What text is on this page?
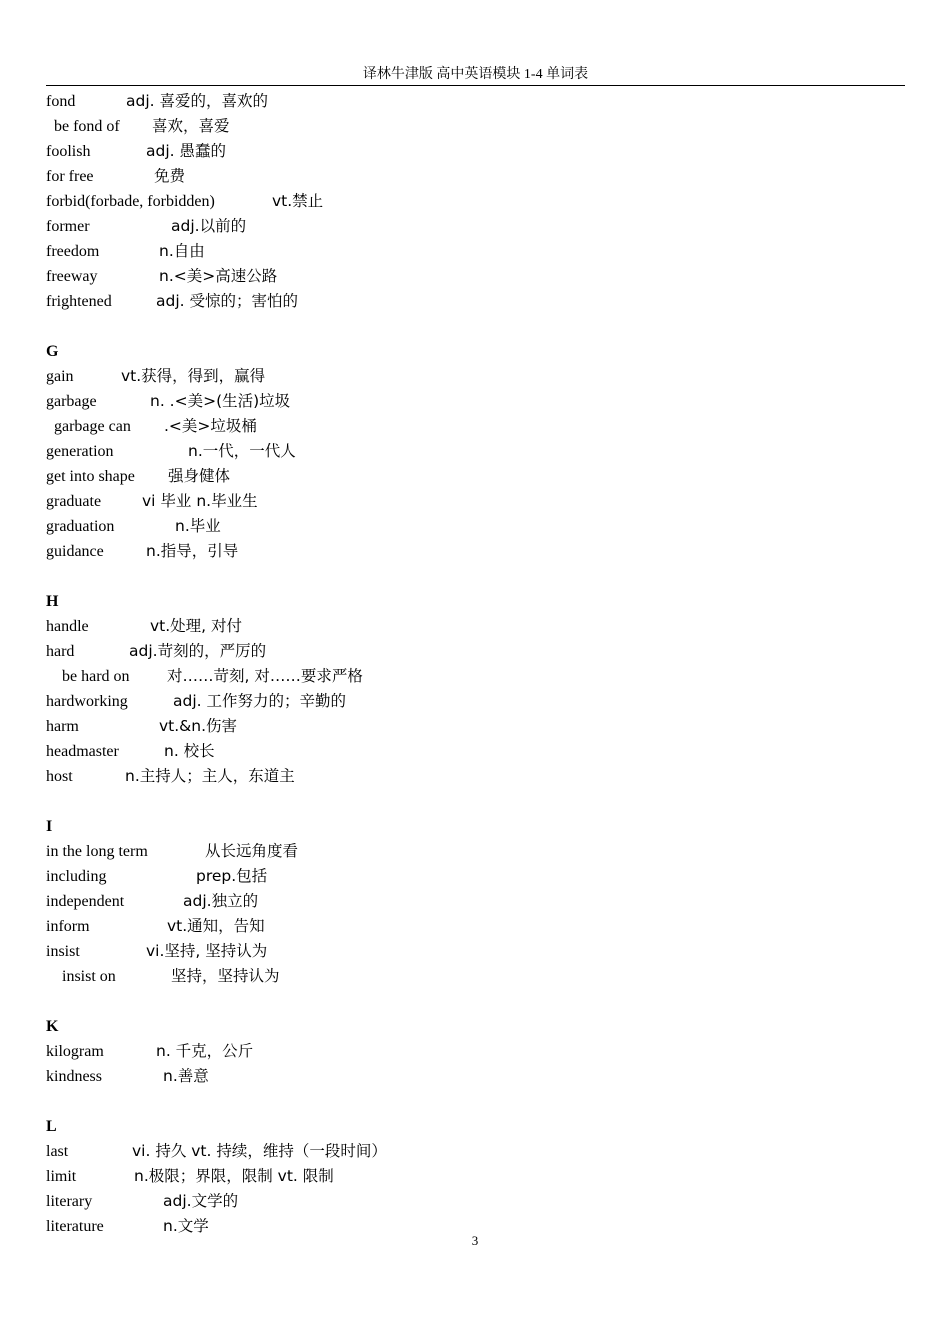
译林牛津版 高中英语模块 1-4 单词表
fond	adj. 喜爱的，喜欢的
be fond of 喜欢，喜爱
foolish	adj. 愚蠢的
for free	免费
forbid(forbade, forbidden)	vt.禁止
former	adj.以前的
freedom	n.自由
freeway	n.<美>高速公路
frightened	adj. 受惊的；害怕的
G
gain	vt.获得，得到，赢得
garbage	n. .<美>(生活)垃圾
garbage can .<美>垃圾桶
generation	n.一代，一代人
get into shape 强身健体
graduate	vi 毕业 n.毕业生
graduation	n.毕业
guidance	n.指导，引导
H
handle	vt.处理, 对付
hard	adj.苛刻的，严厉的
be hard on 对……苛刻, 对……要求严格
hardworking	adj. 工作努力的；辛勤的
harm	vt.&n.伤害
headmaster	n. 校长
host	n.主持人；主人，东道主
I
in the long term	从长远角度看
including	prep.包括
independent	adj.独立的
inform	vt.通知，告知
insist	vi.坚持, 坚持认为
insist on	坚持，坚持认为
K
kilogram	n. 千克，公斤
kindness	n.善意
L
last	vi. 持久 vt. 持续，维持（一段时间）
limit	n.极限；界限，限制 vt. 限制
literary	adj.文学的
literature	n.文学
3
